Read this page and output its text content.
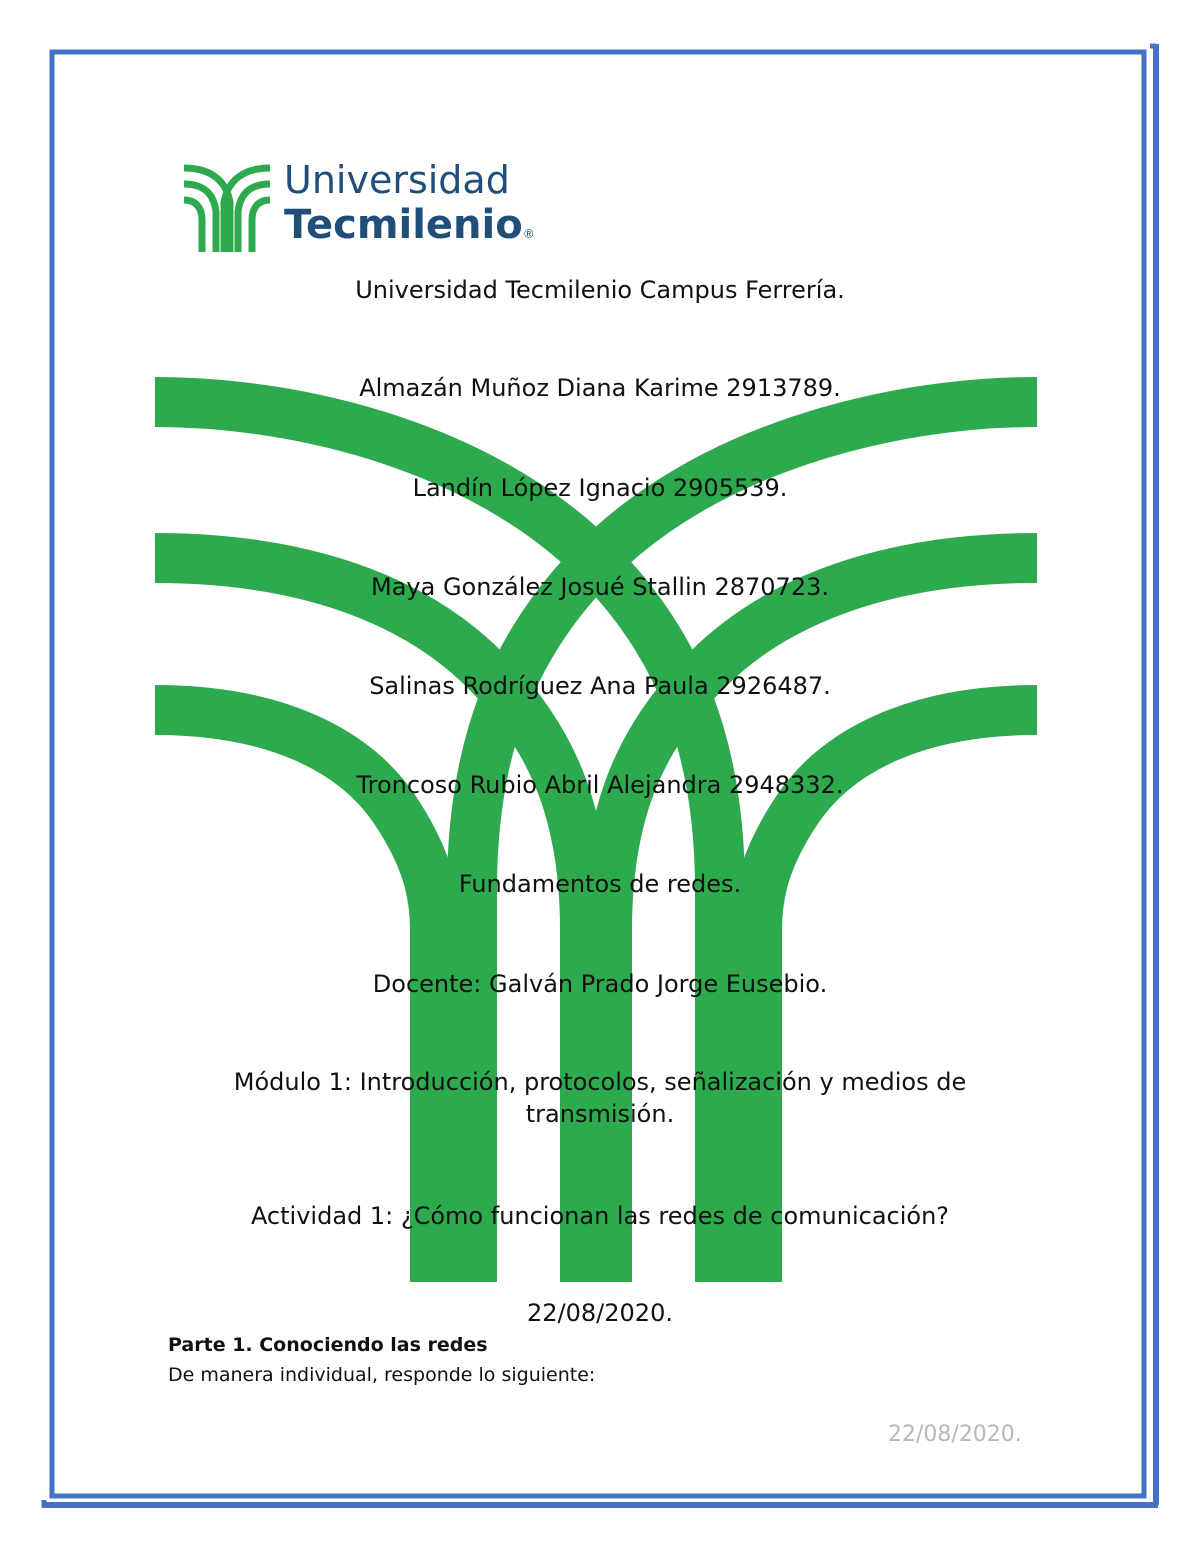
Universidad
Tecmilenio®
Universidad Tecmilenio Campus Ferrería.
Almazán Muñoz Diana Karime 2913789.
Landín López Ignacio 2905539.
Maya González Josué Stallin 2870723.
Salinas Rodríguez Ana Paula 2926487.
Troncoso Rubio Abril Alejandra 2948332.
Fundamentos de redes.
Docente: Galván Prado Jorge Eusebio.
Módulo 1: Introducción, protocolos, señalización y medios de transmisión.
Actividad 1: ¿Cómo funcionan las redes de comunicación?
22/08/2020.
Parte 1. Conociendo las redes
De manera individual, responde lo siguiente:
22/08/2020.
